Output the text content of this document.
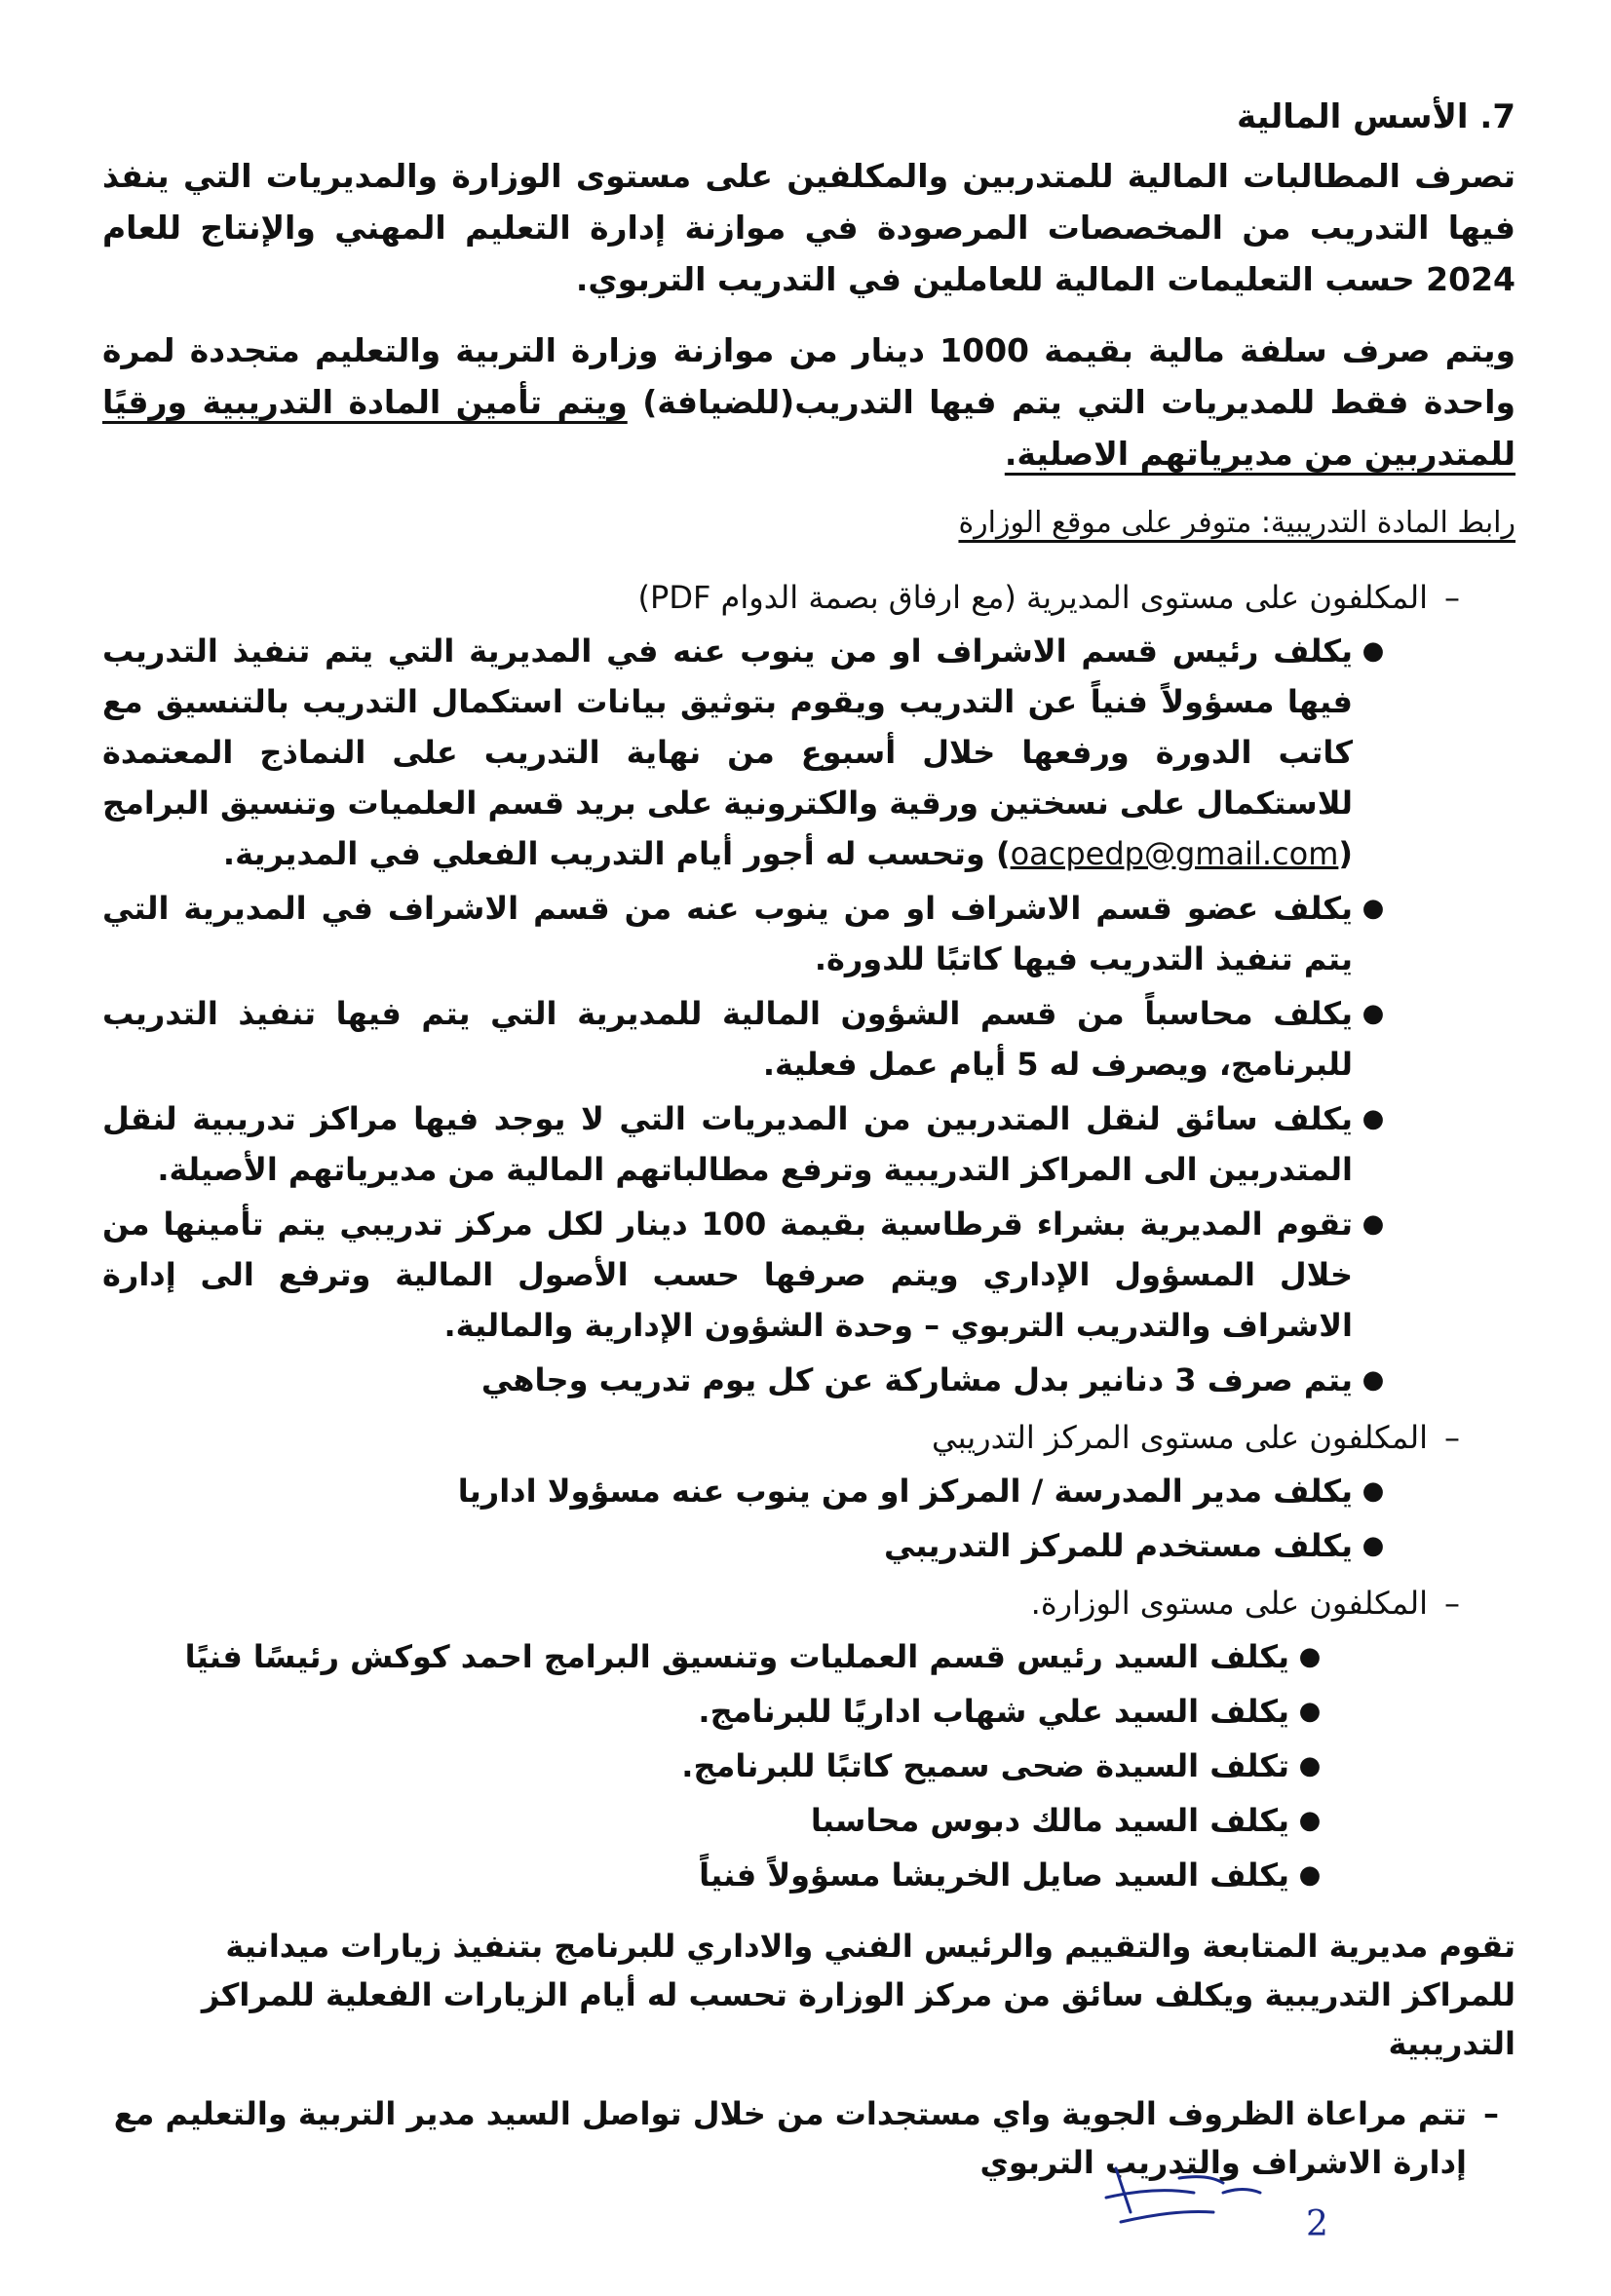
7. الأسس المالية

تصرف المطالبات المالية للمتدربين والمكلفين على مستوى الوزارة والمديريات التي ينفذ فيها التدريب من المخصصات المرصودة في موازنة إدارة التعليم المهني والإنتاج للعام 2024 حسب التعليمات المالية للعاملين في التدريب التربوي.

ويتم صرف سلفة مالية بقيمة 1000 دينار من موازنة وزارة التربية والتعليم متجددة لمرة واحدة فقط للمديريات التي يتم فيها التدريب(للضيافة) ويتم تأمين المادة التدريبية ورقيًا للمتدربين من مديرياتهم الاصلية.

رابط المادة التدريبية: متوفر على موقع الوزارة
–
المكلفون على مستوى المديرية (مع ارفاق بصمة الدوام PDF)
●
يكلف رئيس قسم الاشراف او من ينوب عنه في المديرية التي يتم تنفيذ التدريب فيها مسؤولاً فنياً عن التدريب ويقوم بتوثيق بيانات استكمال التدريب بالتنسيق مع كاتب الدورة ورفعها خلال أسبوع من نهاية التدريب على النماذج المعتمدة للاستكمال على نسختين ورقية والكترونية على بريد قسم العلميات وتنسيق البرامج (oacpedp@gmail.com) وتحسب له أجور أيام التدريب الفعلي في المديرية.
●
يكلف عضو قسم الاشراف او من ينوب عنه من قسم الاشراف في المديرية التي يتم تنفيذ التدريب فيها كاتبًا للدورة.
●
يكلف محاسباً من قسم الشؤون المالية للمديرية التي يتم فيها تنفيذ التدريب للبرنامج، ويصرف له 5 أيام عمل فعلية.
●
يكلف سائق لنقل المتدربين من المديريات التي لا يوجد فيها مراكز تدريبية لنقل المتدربين الى المراكز التدريبية وترفع مطالباتهم المالية من مديرياتهم الأصيلة.
●
تقوم المديرية بشراء قرطاسية بقيمة 100 دينار لكل مركز تدريبي يتم تأمينها من خلال المسؤول الإداري ويتم صرفها حسب الأصول المالية وترفع الى إدارة الاشراف والتدريب التربوي – وحدة الشؤون الإدارية والمالية.
●
يتم صرف 3 دنانير بدل مشاركة عن كل يوم تدريب وجاهي
–
المكلفون على مستوى المركز التدريبي
●
يكلف مدير المدرسة / المركز او من ينوب عنه مسؤولا اداريا
●
يكلف مستخدم للمركز التدريبي
–
المكلفون على مستوى الوزارة.
●
يكلف السيد رئيس قسم العمليات وتنسيق البرامج احمد كوكش رئيسًا فنيًا
●
يكلف السيد علي شهاب اداريًا للبرنامج.
●
تكلف السيدة ضحى سميح كاتبًا للبرنامج.
●
يكلف السيد مالك دبوس محاسبا
●
يكلف السيد صايل الخريشا مسؤولاً فنياً

تقوم مديرية المتابعة والتقييم والرئيس الفني والاداري للبرنامج بتنفيذ زيارات ميدانية للمراكز التدريبية ويكلف سائق من مركز الوزارة تحسب له أيام الزيارات الفعلية للمراكز التدريبية

–
تتم مراعاة الظروف الجوية واي مستجدات من خلال تواصل السيد مدير التربية والتعليم مع إدارة الاشراف والتدريب التربوي
2
